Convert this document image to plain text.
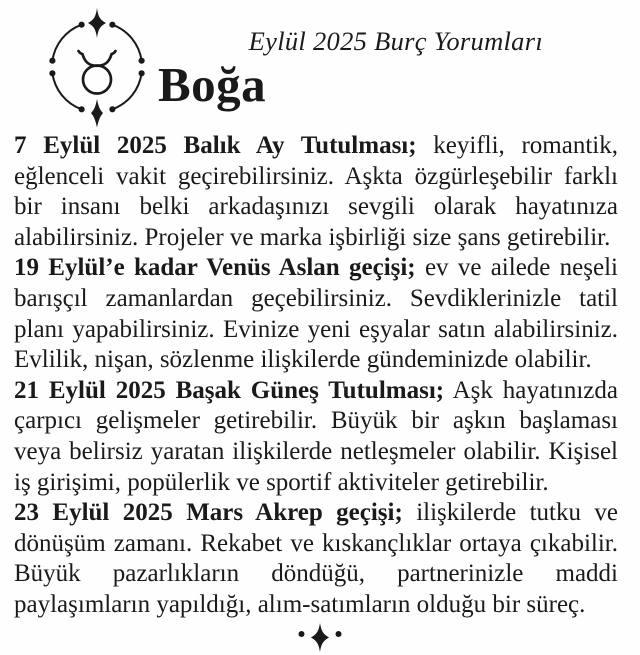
Eylül 2025 Burç Yorumları
Boğa

7 Eylül 2025 Balık Ay Tutulması; keyifli, romantik, eğlenceli vakit geçirebilirsiniz. Aşkta özgürleşebilir farklı bir insanı belki arkadaşınızı sevgili olarak hayatınıza alabilirsiniz. Projeler ve marka işbirliği size şans getirebilir.

19 Eylül’e kadar Venüs Aslan geçişi; ev ve ailede neşeli barışçıl zamanlardan geçebilirsiniz. Sevdiklerinizle tatil planı yapabilirsiniz. Evinize yeni eşyalar satın alabilirsiniz. Evlilik, nişan, sözlenme ilişkilerde gündeminizde olabilir.

21 Eylül 2025 Başak Güneş Tutulması; Aşk hayatınızda çarpıcı gelişmeler getirebilir. Büyük bir aşkın başlaması veya belirsiz yaratan ilişkilerde netleşmeler olabilir. Kişisel iş girişimi, popülerlik ve sportif aktiviteler getirebilir.

23 Eylül 2025 Mars Akrep geçişi; ilişkilerde tutku ve dönüşüm zamanı. Rekabet ve kıskançlıklar ortaya çıkabilir. Büyük pazarlıkların döndüğü, partnerinizle maddi paylaşımların yapıldığı, alım-satımların olduğu bir süreç.
